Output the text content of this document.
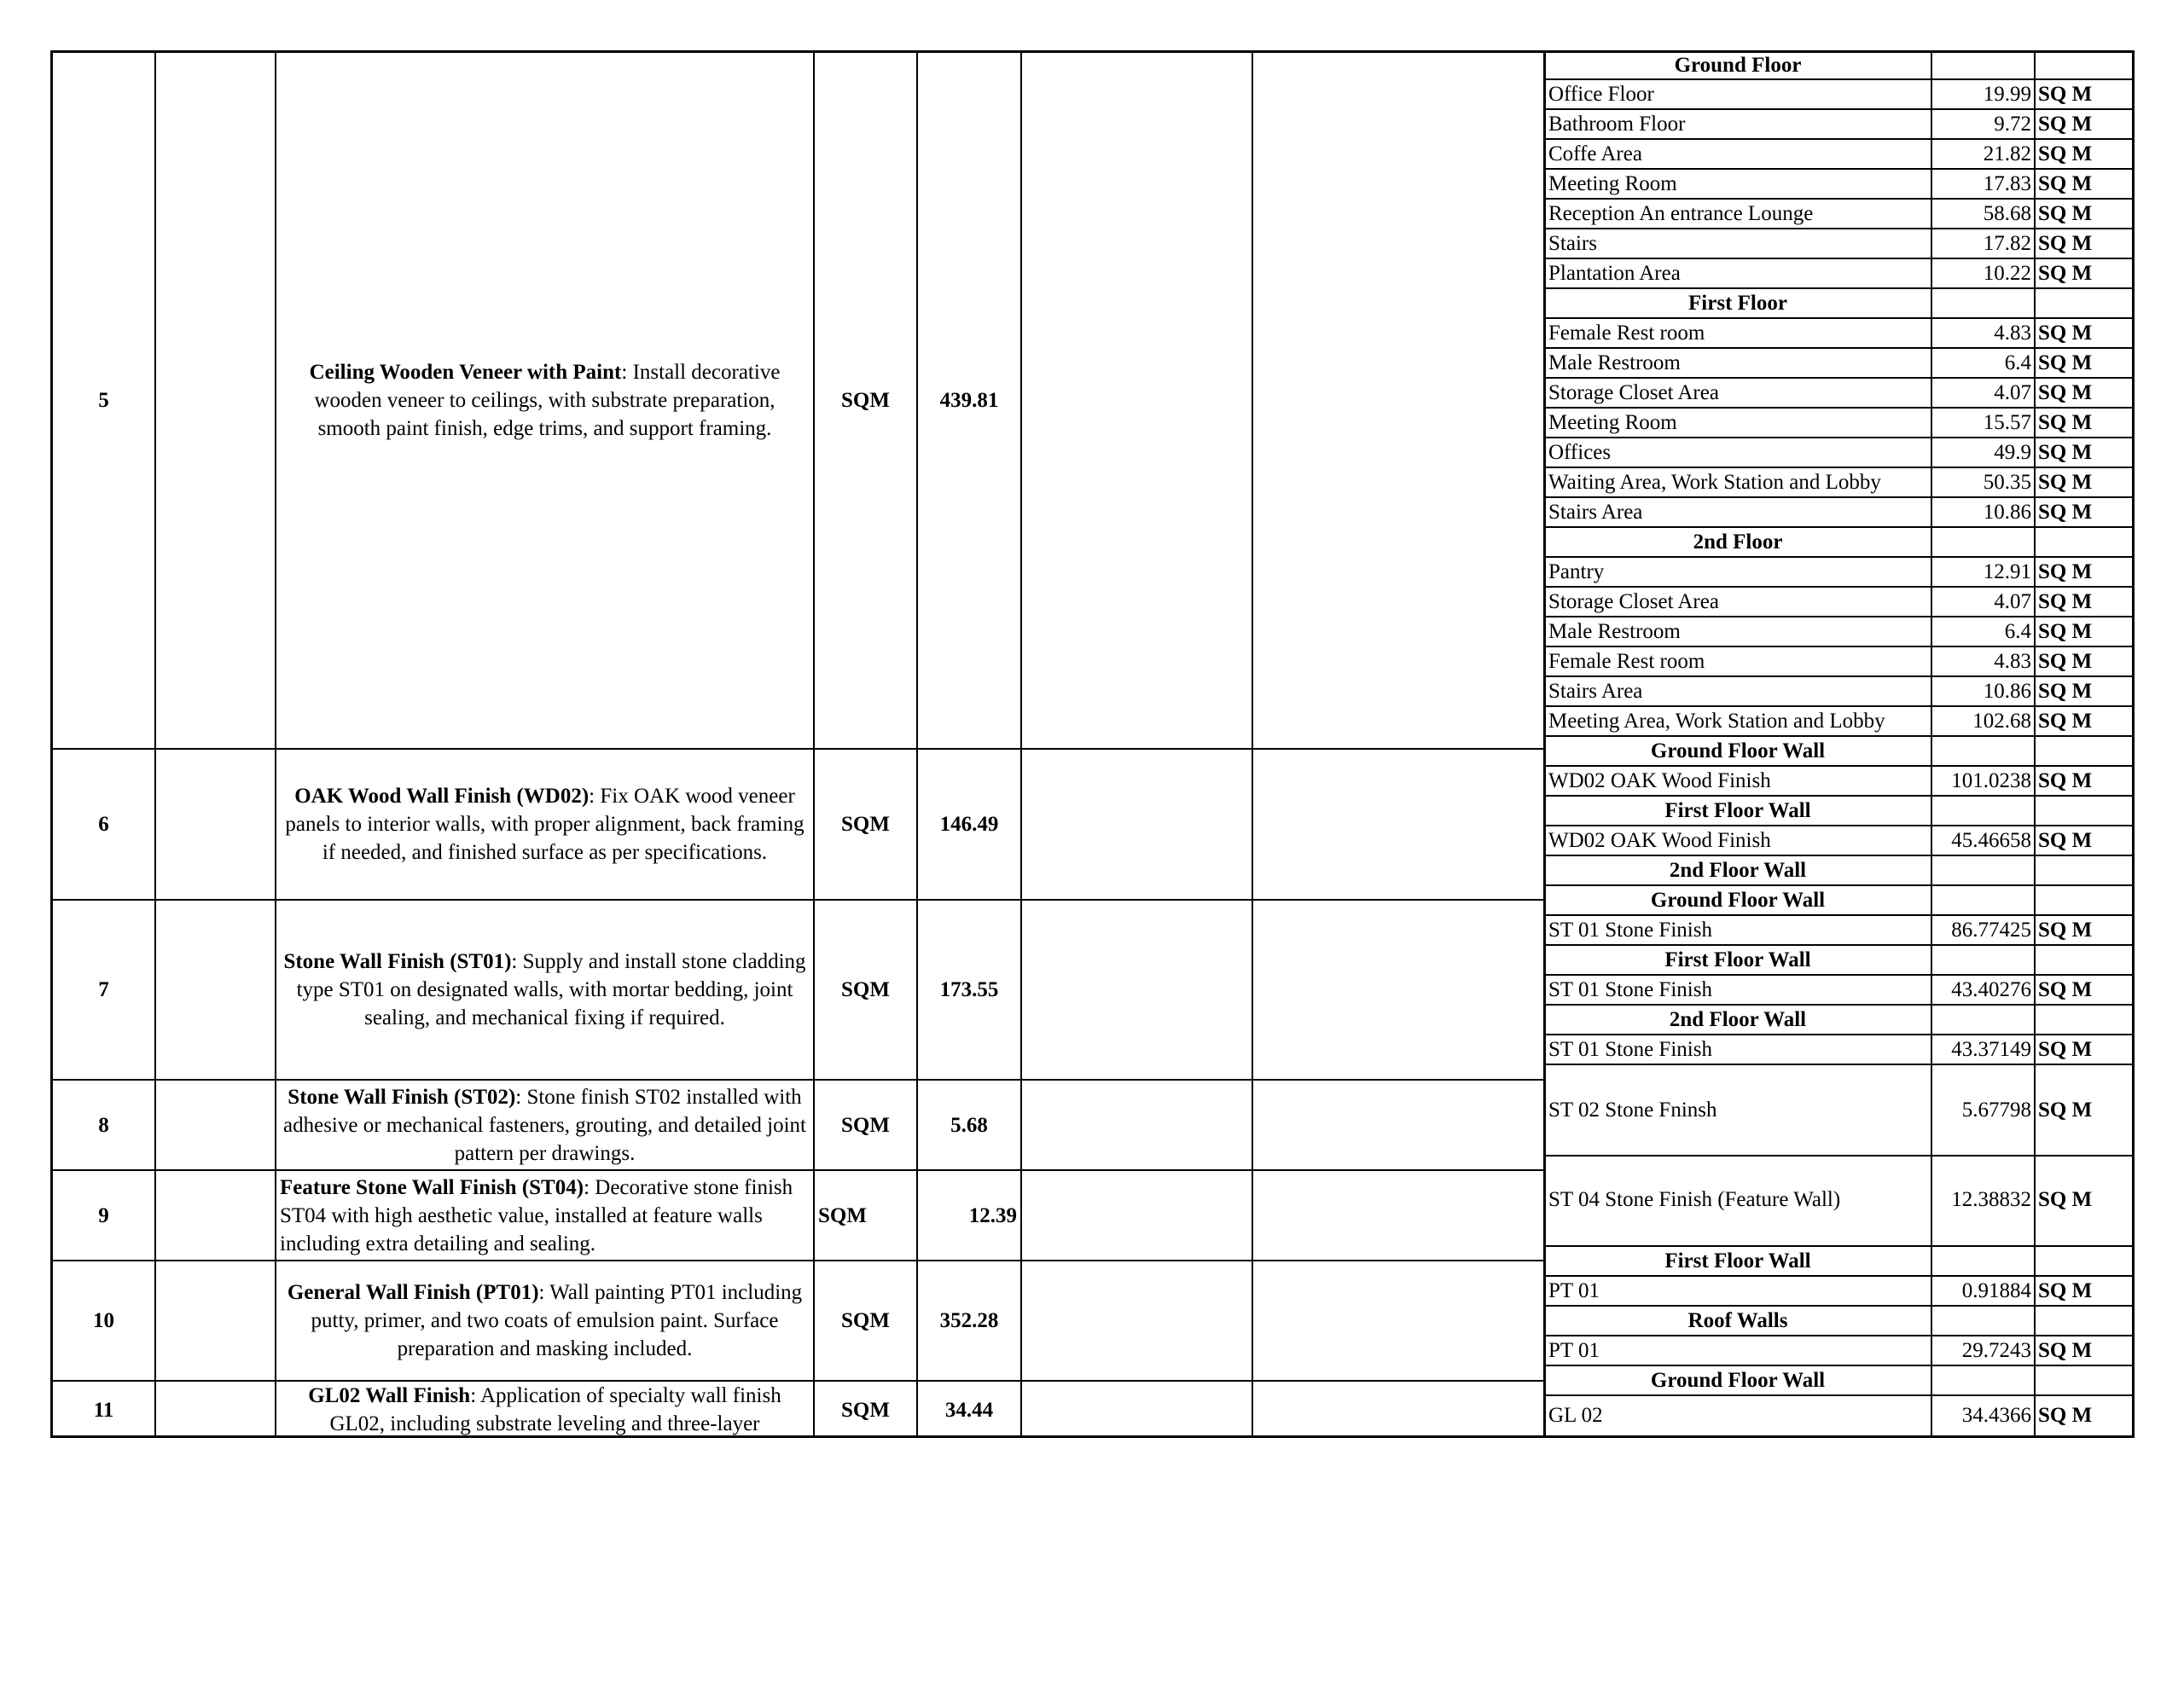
5
Ceiling Wooden Veneer with Paint: Install decorative wooden veneer to ceilings, with substrate preparation, smooth paint finish, edge trims, and support framing.
SQM	439.81
6
OAK Wood Wall Finish (WD02): Fix OAK wood veneer panels to interior walls, with proper alignment, back framing if needed, and finished surface as per specifications.
SQM	146.49
7
Stone Wall Finish (ST01): Supply and install stone cladding type ST01 on designated walls, with mortar bedding, joint sealing, and mechanical fixing if required.
SQM	173.55
8
Stone Wall Finish (ST02): Stone finish ST02 installed with adhesive or mechanical fasteners, grouting, and detailed joint pattern per drawings.
SQM	5.68
9
Feature Stone Wall Finish (ST04): Decorative stone finish ST04 with high aesthetic value, installed at feature walls including extra detailing and sealing.
SQM	12.39
10
General Wall Finish (PT01): Wall painting PT01 including putty, primer, and two coats of emulsion paint. Surface preparation and masking included.
SQM	352.28
11
GL02 Wall Finish: Application of specialty wall finish GL02, including substrate leveling and three-layer
SQM	34.44
Ground Floor
Office Floor	19.99 SQ M
Bathroom Floor	9.72 SQ M
Coffe Area	21.82 SQ M
Meeting Room	17.83 SQ M
Reception An entrance Lounge	58.68 SQ M
Stairs	17.82 SQ M
Plantation Area	10.22 SQ M
First Floor
Female Rest room	4.83 SQ M
Male Restroom	6.4 SQ M
Storage Closet Area	4.07 SQ M
Meeting Room	15.57 SQ M
Offices	49.9 SQ M
Waiting Area, Work Station and Lobby	50.35 SQ M
Stairs Area	10.86 SQ M
2nd Floor
Pantry	12.91 SQ M
Storage Closet Area	4.07 SQ M
Male Restroom	6.4 SQ M
Female Rest room	4.83 SQ M
Stairs Area	10.86 SQ M
Meeting Area, Work Station and Lobby	102.68 SQ M
Ground Floor Wall
WD02 OAK Wood Finish	101.0238 SQ M
First Floor Wall
WD02 OAK Wood Finish	45.46658 SQ M
2nd Floor Wall
Ground Floor Wall
ST 01 Stone Finish	86.77425 SQ M
First Floor Wall
ST 01 Stone Finish	43.40276 SQ M
2nd Floor Wall
ST 01 Stone Finish	43.37149 SQ M
ST 02 Stone Fninsh	5.67798 SQ M
ST 04 Stone Finish (Feature Wall)	12.38832 SQ M
First Floor Wall
PT 01	0.91884 SQ M
Roof Walls
PT 01	29.7243 SQ M
Ground Floor Wall
GL 02	34.4366 SQ M
